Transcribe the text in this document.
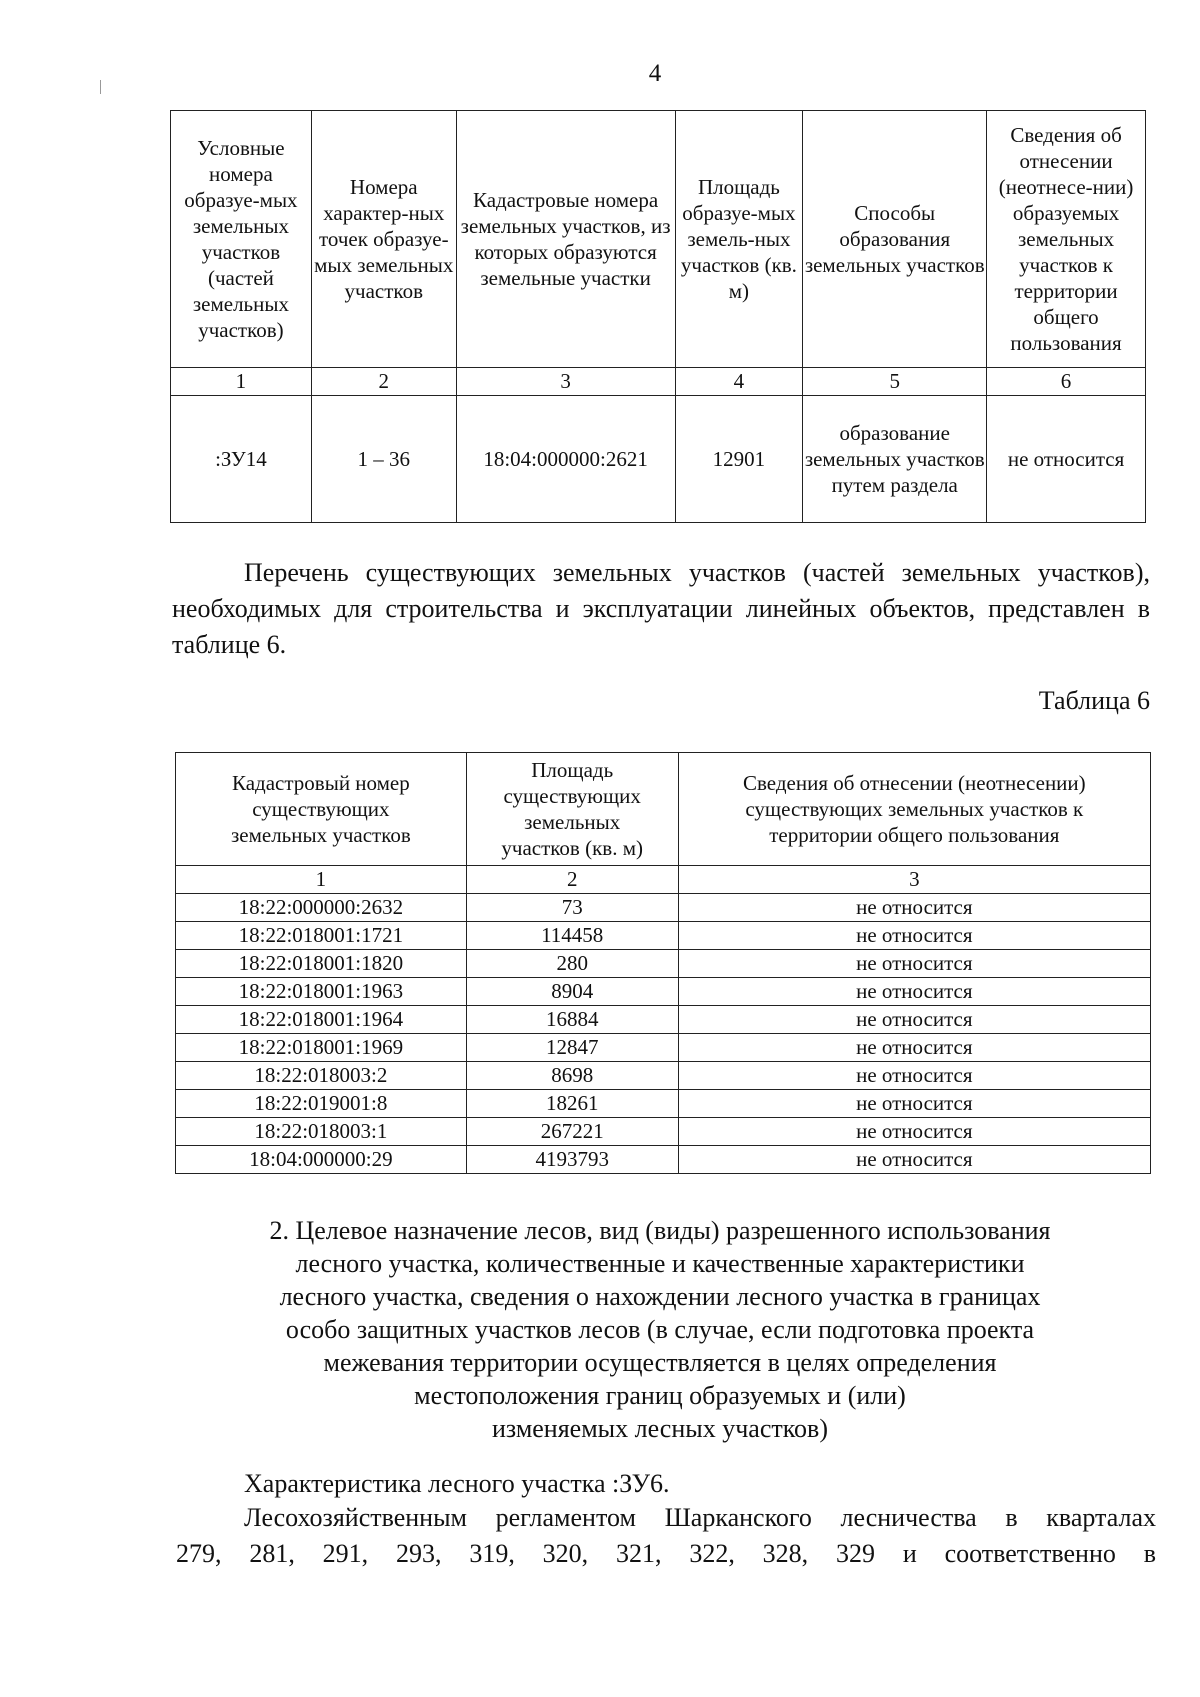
4
Условные номера образуе-мых земельных участков (частей земельных участков)	Номера характер-ных точек образуе-мых земельных участков	Кадастровые номера земельных участков, из которых образуются земельные участки	Площадь образуе-мых земель-ных участков (кв. м)	Способы образования земельных участков	Сведения об отнесении (неотнесе-нии) образуемых земельных участков к территории общего пользования
1	2	3	4	5	6
:ЗУ14	1 – 36	18:04:000000:2621	12901	образование земельных участков путем раздела	не относится
Перечень существующих земельных участков (частей земельных участков), необходимых для строительства и эксплуатации линейных объектов, представлен в таблице 6.
Таблица 6
Кадастровый номер существующих земельных участков	Площадь существующих земельных участков (кв. м)	Сведения об отнесении (неотнесении) существующих земельных участков к территории общего пользования
1	2	3
18:22:000000:2632	73	не относится
18:22:018001:1721	114458	не относится
18:22:018001:1820	280	не относится
18:22:018001:1963	8904	не относится
18:22:018001:1964	16884	не относится
18:22:018001:1969	12847	не относится
18:22:018003:2	8698	не относится
18:22:019001:8	18261	не относится
18:22:018003:1	267221	не относится
18:04:000000:29	4193793	не относится
2. Целевое назначение лесов, вид (виды) разрешенного использования
лесного участка, количественные и качественные характеристики
лесного участка, сведения о нахождении лесного участка в границах
особо защитных участков лесов (в случае, если подготовка проекта
межевания территории осуществляется в целях определения
местоположения границ образуемых и (или)
изменяемых лесных участков)
Характеристика лесного участка :ЗУ6.
Лесохозяйственным регламентом Шарканского лесничества в кварталах
279, 281, 291, 293, 319, 320, 321, 322, 328, 329 и соответственно в
